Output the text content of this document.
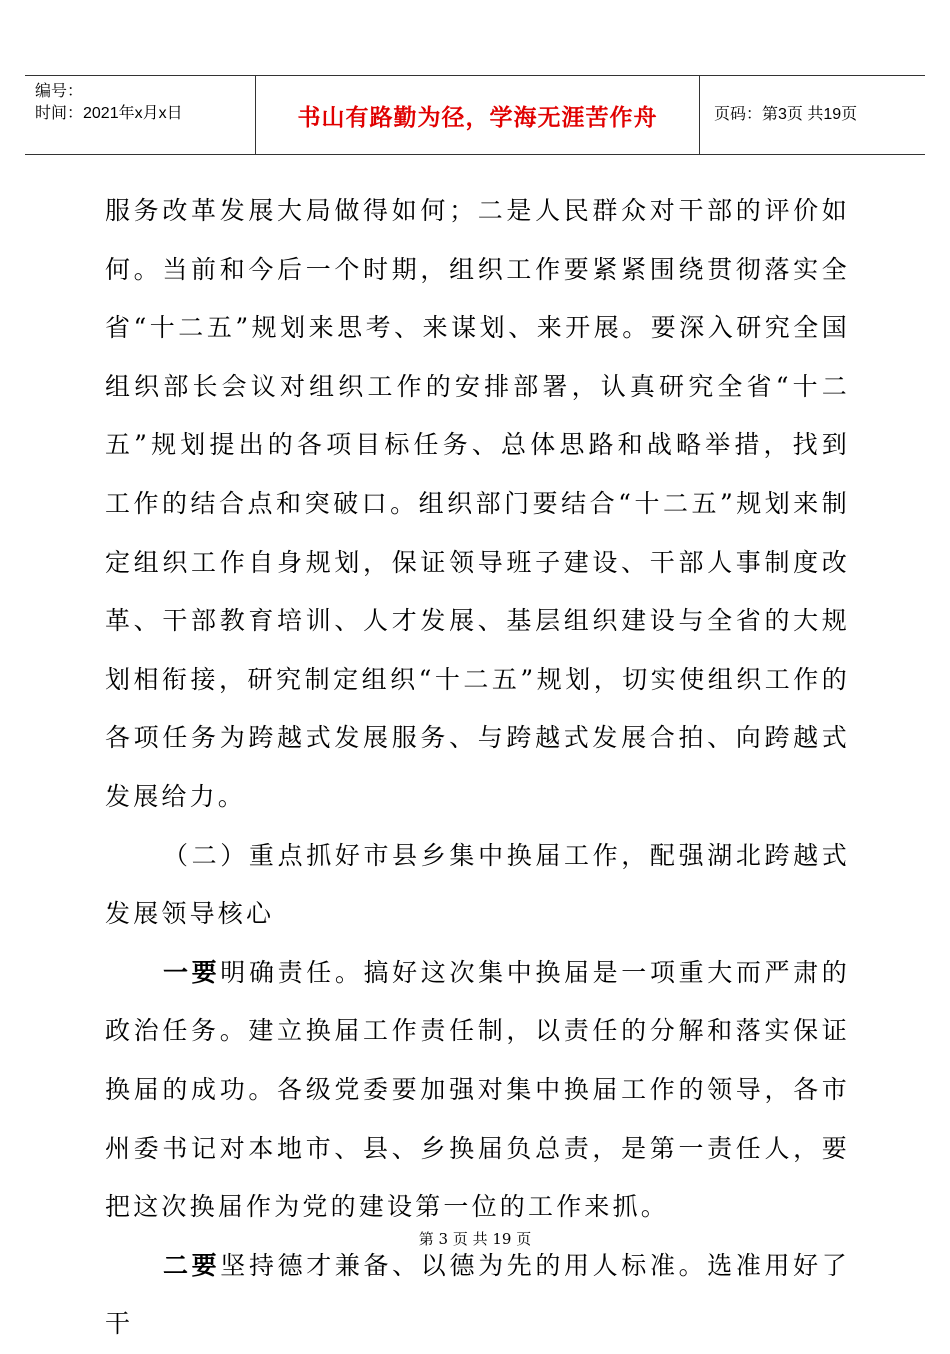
编号：
时间：2021年x月x日	书山有路勤为径，学海无涯苦作舟	页码：第3页 共19页

服务改革发展大局做得如何；二是人民群众对干部的评价如何。当前和今后一个时期，组织工作要紧紧围绕贯彻落实全省“十二五”规划来思考、来谋划、来开展。要深入研究全国组织部长会议对组织工作的安排部署，认真研究全省“十二五”规划提出的各项目标任务、总体思路和战略举措，找到工作的结合点和突破口。组织部门要结合“十二五”规划来制定组织工作自身规划，保证领导班子建设、干部人事制度改革、干部教育培训、人才发展、基层组织建设与全省的大规划相衔接，研究制定组织“十二五”规划，切实使组织工作的各项任务为跨越式发展服务、与跨越式发展合拍、向跨越式发展给力。

（二）重点抓好市县乡集中换届工作，配强湖北跨越式发展领导核心

一要明确责任。搞好这次集中换届是一项重大而严肃的政治任务。建立换届工作责任制，以责任的分解和落实保证换届的成功。各级党委要加强对集中换届工作的领导，各市州委书记对本地市、县、乡换届负总责，是第一责任人，要把这次换届作为党的建设第一位的工作来抓。

二要坚持德才兼备、以德为先的用人标准。选准用好了干

第 3 页 共 19 页
